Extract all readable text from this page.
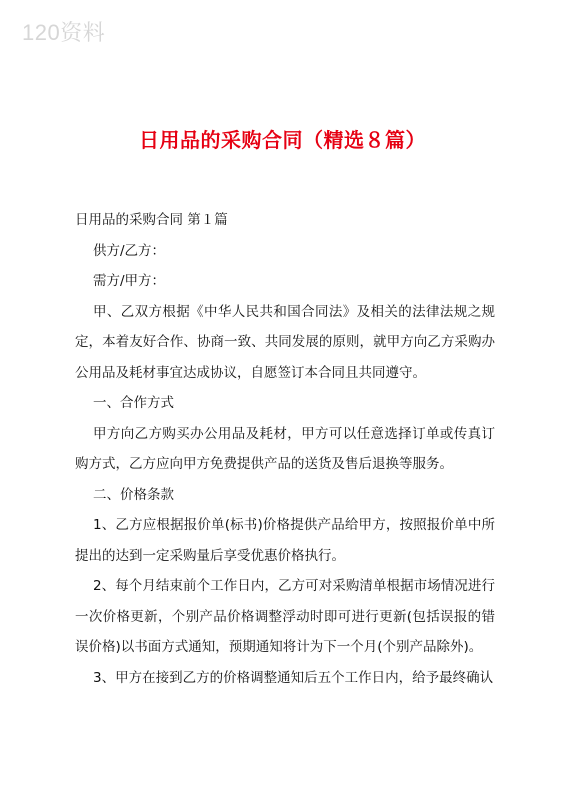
120资料
日用品的采购合同（精选８篇）

日用品的采购合同 第１篇

供方/乙方：

需方/甲方：

甲、乙双方根据《中华人民共和国合同法》及相关的法律法规之规定，本着友好合作、协商一致、共同发展的原则，就甲方向乙方采购办公用品及耗材事宜达成协议，自愿签订本合同且共同遵守。

一、合作方式

甲方向乙方购买办公用品及耗材，甲方可以任意选择订单或传真订购方式，乙方应向甲方免费提供产品的送货及售后退换等服务。

二、价格条款

1、乙方应根据报价单(标书)价格提供产品给甲方，按照报价单中所提出的达到一定采购量后享受优惠价格执行。

2、每个月结束前个工作日内，乙方可对采购清单根据市场情况进行一次价格更新，个别产品价格调整浮动时即可进行更新(包括误报的错误价格)以书面方式通知，预期通知将计为下一个月(个别产品除外)。

3、甲方在接到乙方的价格调整通知后五个工作日内，给予最终确认
